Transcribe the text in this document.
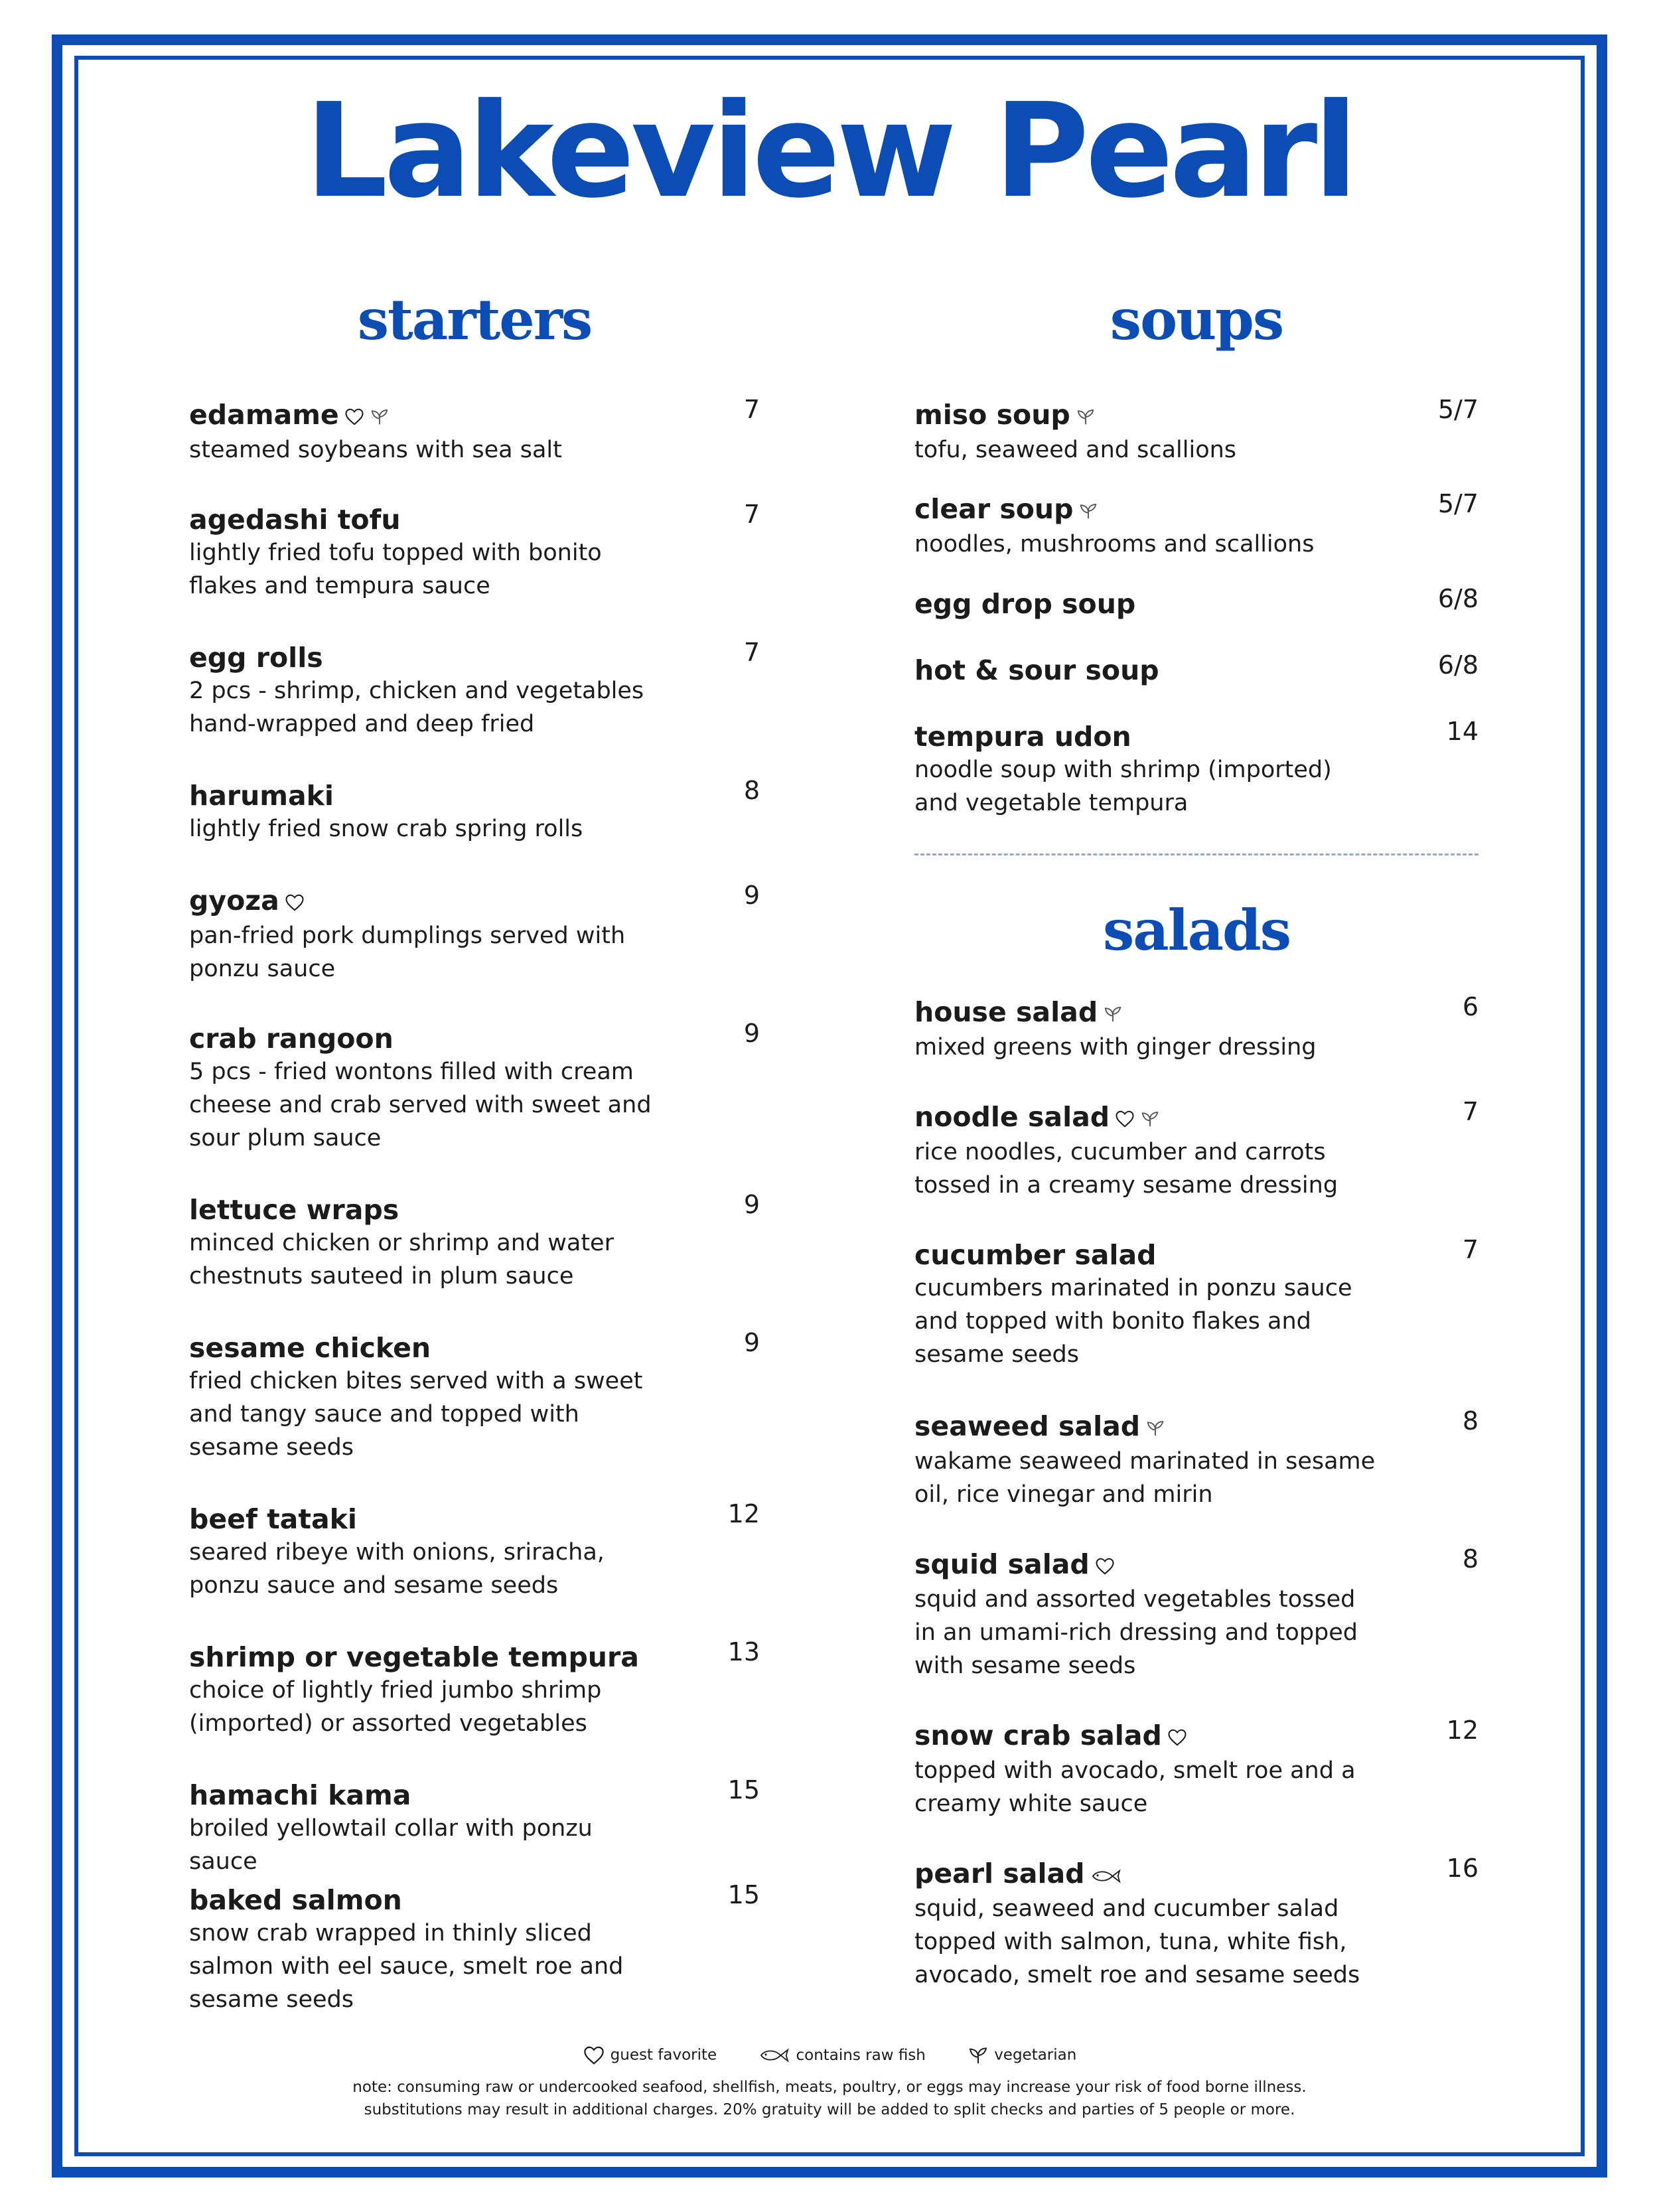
Lakeview Pearl
starters	soups
salads
edamame
steamed soybeans with sea salt
7
agedashi tofu
lightly fried tofu topped with bonito flakes and tempura sauce
7
egg rolls
2 pcs - shrimp, chicken and vegetables hand-wrapped and deep fried
7
harumaki
lightly fried snow crab spring rolls
8
gyoza
pan-fried pork dumplings served with ponzu sauce
9
crab rangoon
5 pcs - fried wontons filled with cream cheese and crab served with sweet and sour plum sauce
9
lettuce wraps
minced chicken or shrimp and water chestnuts sauteed in plum sauce
9
sesame chicken
fried chicken bites served with a sweet and tangy sauce and topped with sesame seeds
9
beef tataki
seared ribeye with onions, sriracha, ponzu sauce and sesame seeds
12
shrimp or vegetable tempura
choice of lightly fried jumbo shrimp (imported) or assorted vegetables
13
hamachi kama
broiled yellowtail collar with ponzu sauce
15
baked salmon
snow crab wrapped in thinly sliced salmon with eel sauce, smelt roe and sesame seeds
15
miso soup
tofu, seaweed and scallions
5/7
clear soup
noodles, mushrooms and scallions
5/7
egg drop soup	6/8
hot & sour soup	6/8
tempura udon
noodle soup with shrimp (imported) and vegetable tempura
14
house salad
mixed greens with ginger dressing
6
noodle salad
rice noodles, cucumber and carrots tossed in a creamy sesame dressing
7
cucumber salad
cucumbers marinated in ponzu sauce and topped with bonito flakes and sesame seeds
7
seaweed salad
wakame seaweed marinated in sesame oil, rice vinegar and mirin
8
squid salad
squid and assorted vegetables tossed in an umami-rich dressing and topped with sesame seeds
8
snow crab salad
topped with avocado, smelt roe and a creamy white sauce
12
pearl salad
squid, seaweed and cucumber salad topped with salmon, tuna, white fish, avocado, smelt roe and sesame seeds
16
guest favorite	contains raw fish	vegetarian
note: consuming raw or undercooked seafood, shellfish, meats, poultry, or eggs may increase your risk of food borne illness.
substitutions may result in additional charges. 20% gratuity will be added to split checks and parties of 5 people or more.
